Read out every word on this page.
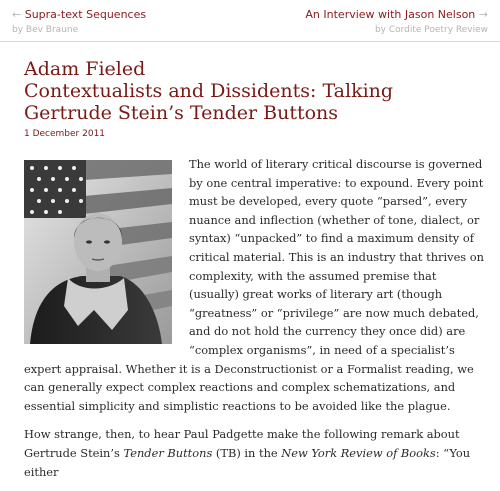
← Supra-text Sequences
by Bev Braune
An Interview with Jason Nelson →
by Cordite Poetry Review
Adam Fieled
Contextualists and Dissidents: Talking Gertrude Stein’s Tender Buttons
1 December 2011

The world of literary critical discourse is governed by one central imperative: to expound. Every point must be developed, every quote “parsed”, every nuance and inflection (whether of tone, dialect, or syntax) “unpacked” to find a maximum density of critical material. This is an industry that thrives on complexity, with the assumed premise that (usually) great works of literary art (though “greatness” or “privilege” are now much debated, and do not hold the currency they once did) are “complex organisms”, in need of a specialist’s expert appraisal. Whether it is a Deconstructionist or a Formalist reading, we can generally expect complex reactions and complex schematizations, and essential simplicity and simplistic reactions to be avoided like the plague.

How strange, then, to hear Paul Padgette make the following remark about Gertrude Stein’s Tender Buttons (TB) in the New York Review of Books: “You either
